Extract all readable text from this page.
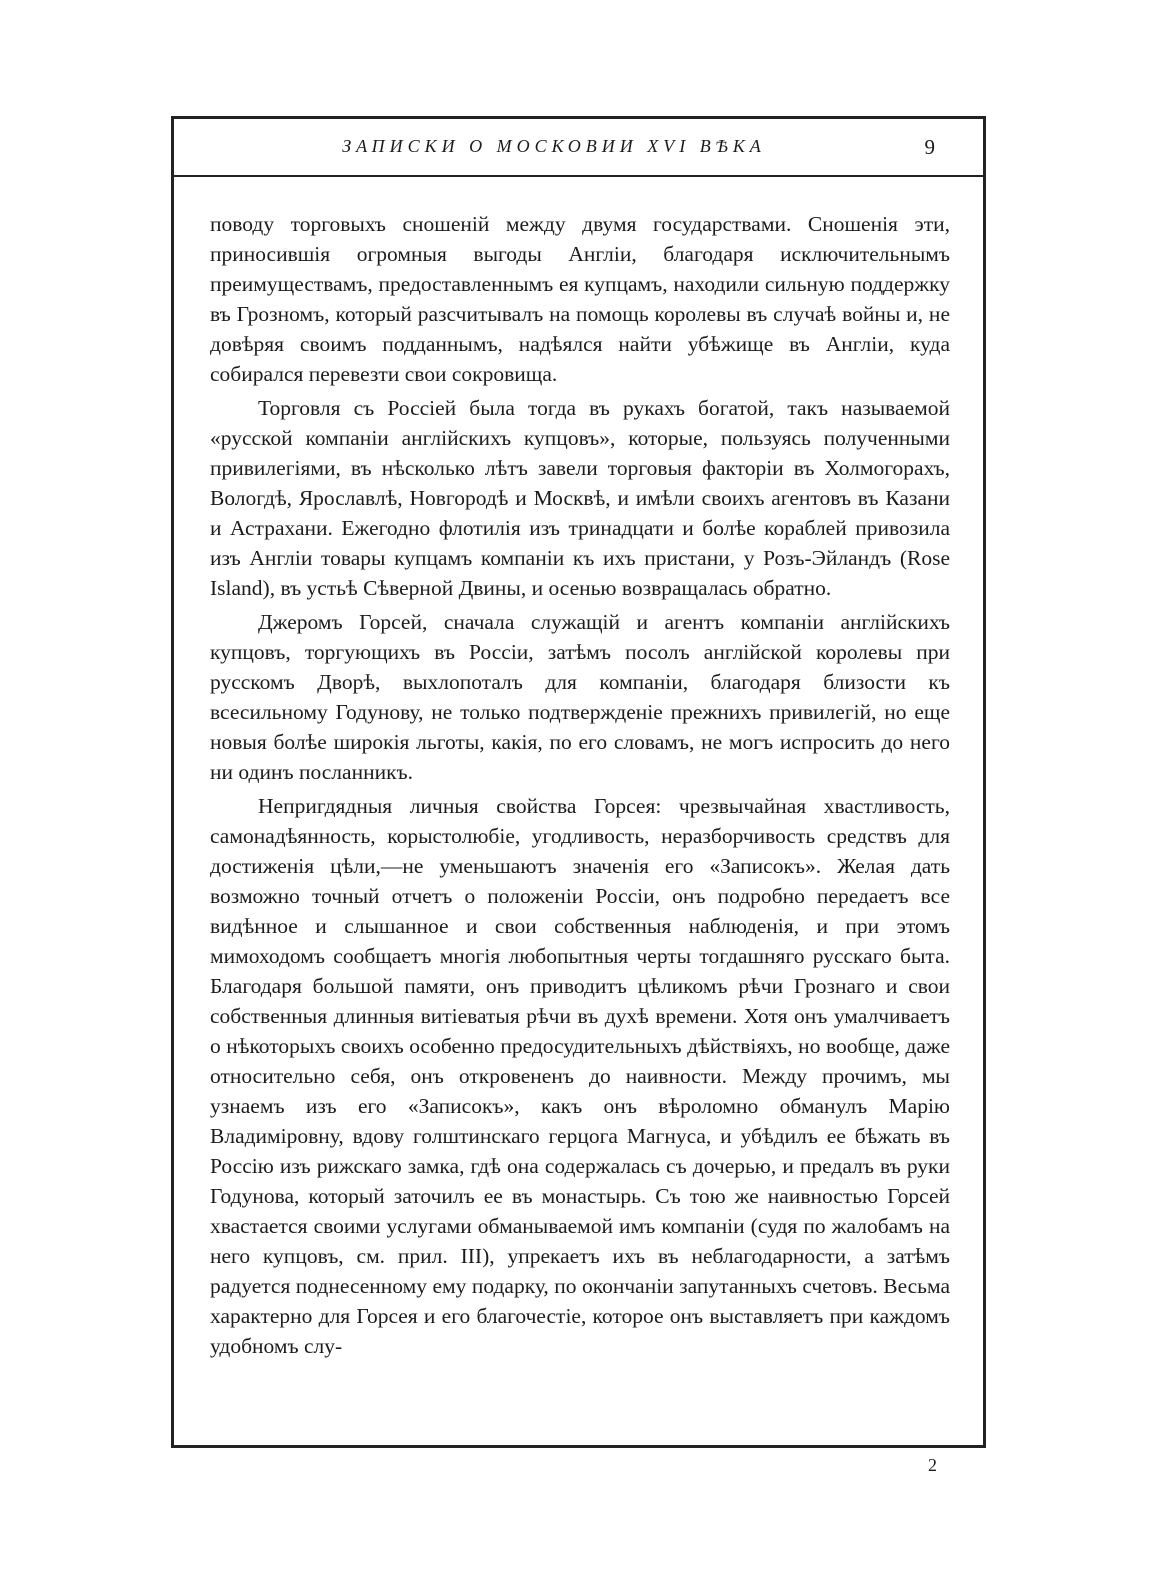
ЗАПИСКИ О МОСКОВИИ XVI ВѢКА	9

поводу торговыхъ сношеній между двумя государствами. Сношенія эти, приносившія огромныя выгоды Англіи, благодаря исключительнымъ преимуществамъ, предоставленнымъ ея купцамъ, находили сильную поддержку въ Грозномъ, который разсчитывалъ на помощь королевы въ случаѣ войны и, не довѣряя своимъ подданнымъ, надѣялся найти убѣжище въ Англіи, куда собирался перевезти свои сокровища.

Торговля съ Россіей была тогда въ рукахъ богатой, такъ называемой «русской компаніи англійскихъ купцовъ», которые, пользуясь полученными привилегіями, въ нѣсколько лѣтъ завели торговыя факторіи въ Холмогорахъ, Вологдѣ, Ярославлѣ, Новгородѣ и Москвѣ, и имѣли своихъ агентовъ въ Казани и Астрахани. Ежегодно флотилія изъ тринадцати и болѣе кораблей привозила изъ Англіи товары купцамъ компаніи къ ихъ пристани, у Розъ-Эйландъ (Rose Island), въ устьѣ Сѣверной Двины, и осенью возвращалась обратно.

Джеромъ Горсей, сначала служащій и агентъ компаніи англійскихъ купцовъ, торгующихъ въ Россіи, затѣмъ посолъ англійской королевы при русскомъ Дворѣ, выхлопоталъ для компаніи, благодаря близости къ всесильному Годунову, не только подтвержденіе прежнихъ привилегій, но еще новыя болѣе широкія льготы, какія, по его словамъ, не могъ испросить до него ни одинъ посланникъ.

Непригдядныя личныя свойства Горсея: чрезвычайная хвастливость, самонадѣянность, корыстолюбіе, угодливость, неразборчивость средствъ для достиженія цѣли,—не уменьшаютъ значенія его «Записокъ». Желая дать возможно точный отчетъ о положеніи Россіи, онъ подробно передаетъ все видѣнное и слышанное и свои собственныя наблюденія, и при этомъ мимоходомъ сообщаетъ многія любопытныя черты тогдашняго русскаго быта. Благодаря большой памяти, онъ приводитъ цѣликомъ рѣчи Грознаго и свои собственныя длинныя витіеватыя рѣчи въ духѣ времени. Хотя онъ умалчиваетъ о нѣкоторыхъ своихъ особенно предосудительныхъ дѣйствіяхъ, но вообще, даже относительно себя, онъ откровененъ до наивности. Между прочимъ, мы узнаемъ изъ его «Записокъ», какъ онъ вѣроломно обманулъ Марію Владиміровну, вдову голштинскаго герцога Магнуса, и убѣдилъ ее бѣжать въ Россію изъ рижскаго замка, гдѣ она содержалась съ дочерью, и предалъ въ руки Годунова, который заточилъ ее въ монастырь. Съ тою же наивностью Горсей хвастается своими услугами обманываемой имъ компаніи (судя по жалобамъ на него купцовъ, см. прил. III), упрекаетъ ихъ въ неблагодарности, а затѣмъ радуется поднесенному ему подарку, по окончаніи запутанныхъ счетовъ. Весьма характерно для Горсея и его благочестіе, которое онъ выставляетъ при каждомъ удобномъ слу-

2
